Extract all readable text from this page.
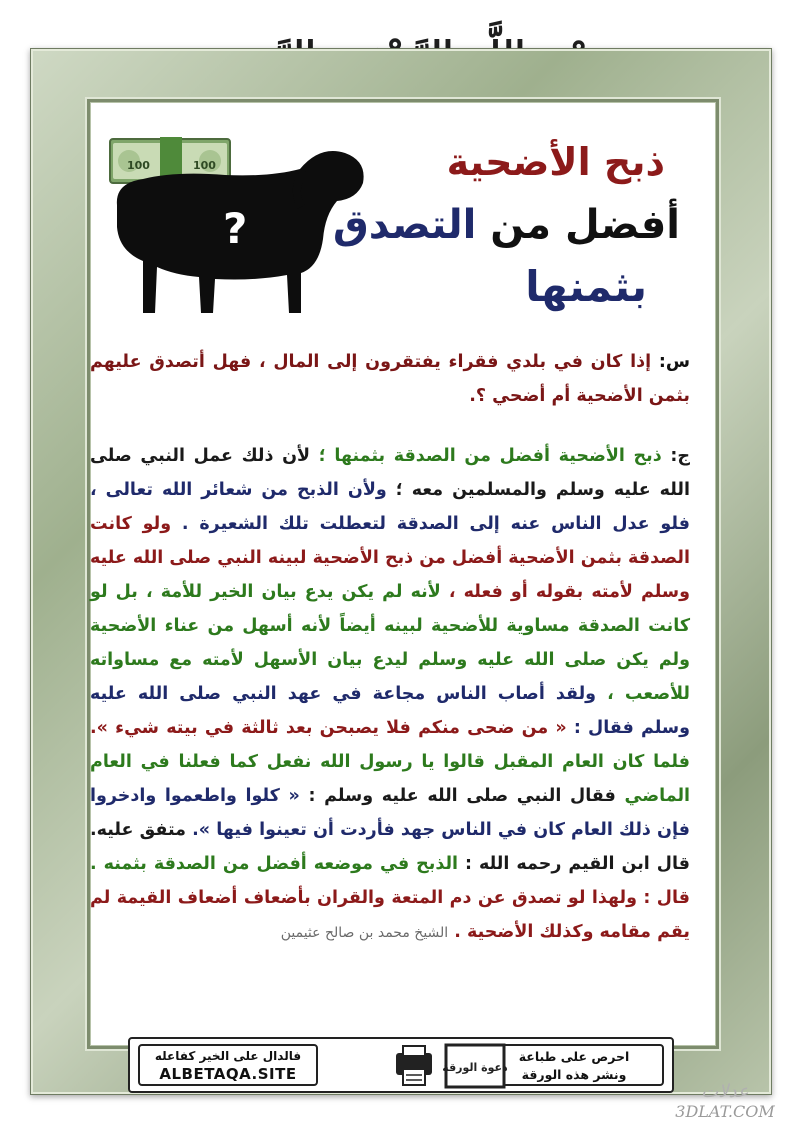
100	100
?
ذبح الأضحية
أفضل من التصدق
بثمنها

س: إذا كان في بلدي فقراء يفتقرون إلى المال ، فهل أتصدق عليهم بثمن الأضحية أم أضحي ؟.

ج: ذبح الأضحية أفضل من الصدقة بثمنها ؛ لأن ذلك عمل النبي صلى الله عليه وسلم والمسلمين معه ؛ ولأن الذبح من شعائر الله تعالى ، فلو عدل الناس عنه إلى الصدقة لتعطلت تلك الشعيرة . ولو كانت الصدقة بثمن الأضحية أفضل من ذبح الأضحية لبينه النبي صلى الله عليه وسلم لأمته بقوله أو فعله ، لأنه لم يكن يدع بيان الخير للأمة ، بل لو كانت الصدقة مساوية للأضحية لبينه أيضاً لأنه أسهل من عناء الأضحية ولم يكن صلى الله عليه وسلم ليدع بيان الأسهل لأمته مع مساواته للأصعب ، ولقد أصاب الناس مجاعة في عهد النبي صلى الله عليه وسلم فقال : « من ضحى منكم فلا يصبحن بعد ثالثة في بيته شيء ». فلما كان العام المقبل قالوا يا رسول الله نفعل كما فعلنا في العام الماضي فقال النبي صلى الله عليه وسلم : « كلوا واطعموا وادخروا فإن ذلك العام كان في الناس جهد فأردت أن تعينوا فيها ». متفق عليه. قال ابن القيم رحمه الله : الذبح في موضعه أفضل من الصدقة بثمنه . قال : ولهذا لو تصدق عن دم المتعة والقران بأضعاف أضعاف القيمة لم يقم مقامه وكذلك الأضحية . الشيخ محمد بن صالح عثيمين

احرص على طباعة
ونشر هذه الورقة
دعوة الورقة
فالدال على الخير كفاعله
ALBETAQA.SITE
عدلات
3DLAT.COM
